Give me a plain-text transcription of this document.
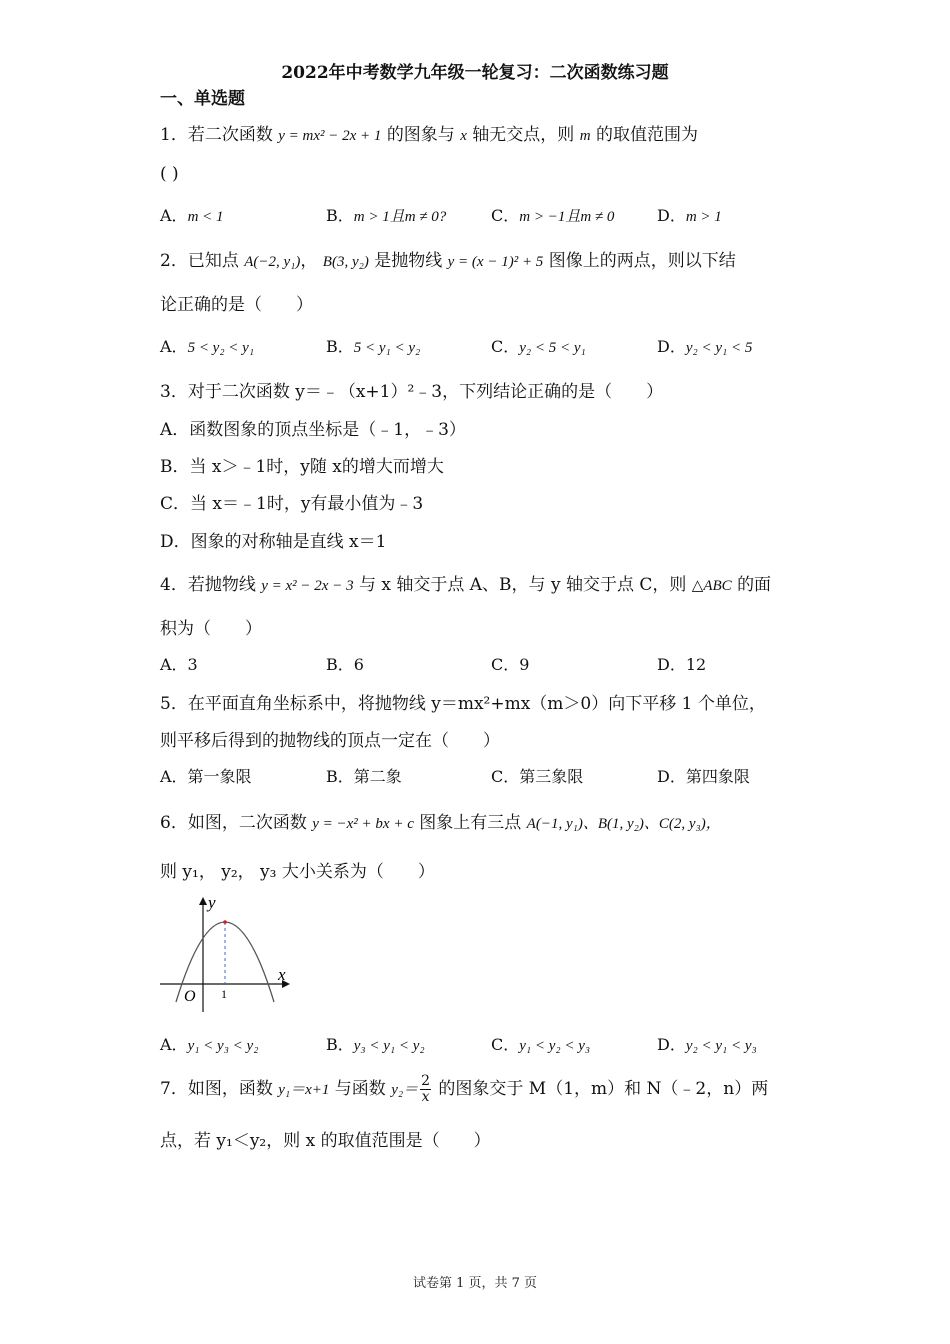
2022年中考数学九年级一轮复习：二次函数练习题
一、单选题
1．若二次函数 y = mx² − 2x + 1 的图象与 x 轴无交点，则 m 的取值范围为
( )
A．m < 1	B．m > 1且m ≠ 0?	C．m > −1且m ≠ 0	D．m > 1
2．已知点 A(−2, y₁)， B(3, y₂) 是抛物线 y = (x − 1)² + 5 图像上的两点，则以下结
论正确的是（　　）
A．5 < y₂ < y₁	B．5 < y₁ < y₂	C．y₂ < 5 < y₁	D．y₂ < y₁ < 5
3．对于二次函数 y＝﹣（x+1）²﹣3，下列结论正确的是（　　）
A．函数图象的顶点坐标是（﹣1，﹣3）
B．当 x＞﹣1时，y随 x的增大而增大
C．当 x＝﹣1时，y有最小值为﹣3
D．图象的对称轴是直线 x＝1
4．若抛物线 y = x² − 2x − 3 与 x 轴交于点 A、B，与 y 轴交于点 C，则 △ABC 的面
积为（　　）
A．3	B．6	C．9	D．12
5．在平面直角坐标系中，将抛物线 y＝mx²+mx（m＞0）向下平移 1 个单位，
则平移后得到的抛物线的顶点一定在（　　）
A．第一象限	B．第二象	C．第三象限	D．第四象限
6．如图，二次函数 y = −x² + bx + c 图象上有三点 A(−1, y₁)、B(1, y₂)、C(2, y₃)，
则 y₁， y₂， y₃ 大小关系为（　　）
y
x
O 1
A．y₁ < y₃ < y₂	B．y₃ < y₁ < y₂	C．y₁ < y₂ < y₃	D．y₂ < y₁ < y₃
7．如图，函数 y₁＝x+1 与函数 $y_2= \frac{2}{x}$ 的图象交于 M（1，m）和 N（﹣2，n）两
点，若 y₁＜y₂，则 x 的取值范围是（　　）
试卷第 1 页，共 7 页
